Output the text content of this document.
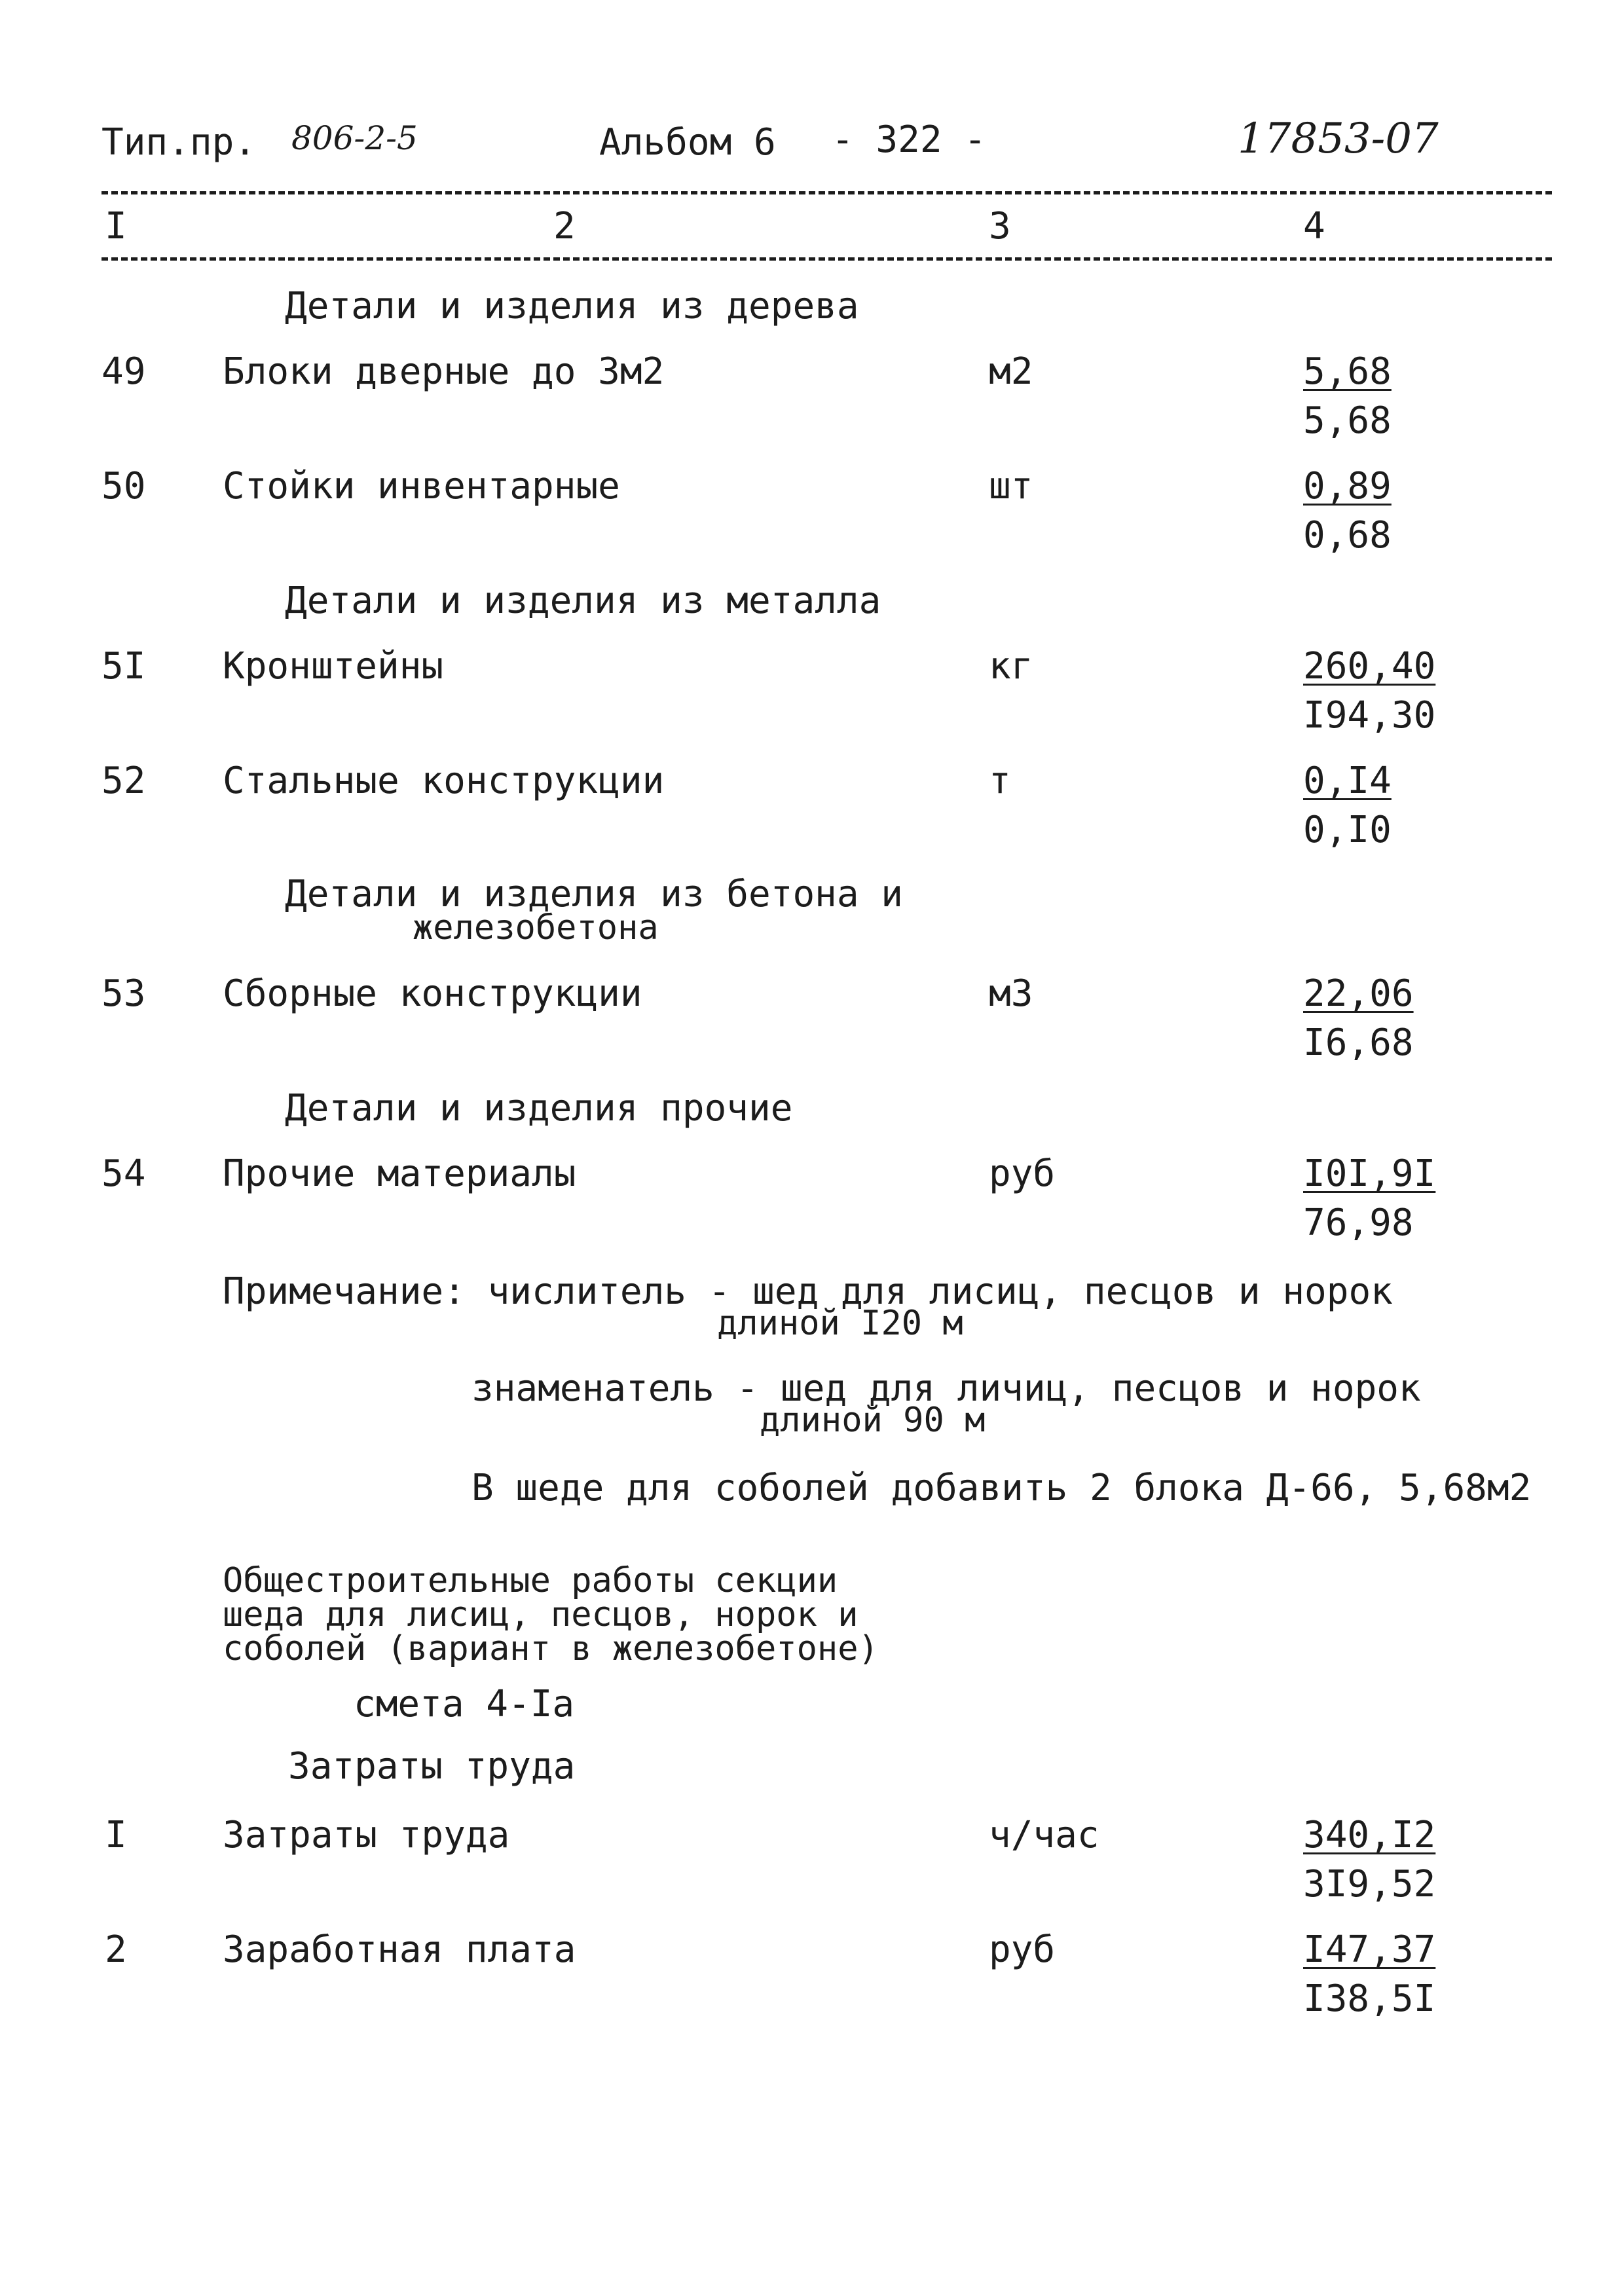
Тип.пр. 806-2-5	Альбом 6 - 322 -	17853-07
I	2	3	4
Детали и изделия из дерева
49 Блоки дверные до 3м2	м2	5,68
5,68
50 Стойки инвентарные	шт	0,89
0,68
Детали и изделия из металла
5I Кронштейны	кг	260,40
I94,30
52 Стальные конструкции	т	0,I4
0,I0
Детали и изделия из бетона и
железобетона
53 Сборные конструкции	м3	22,06
I6,68
Детали и изделия прочие
54 Прочие материалы	руб	I0I,9I
76,98
Примечание: числитель - шед для лисиц, песцов и норок
длиной I20 м
знаменатель - шед для личиц, песцов и норок
длиной 90 м
В шеде для соболей добавить 2 блока Д-66, 5,68м2
Общестроительные работы секции
шеда для лисиц, песцов, норок и
соболей (вариант в железобетоне)
смета 4-Iа
Затраты труда
I	Затраты труда	ч/час	340,I2
3I9,52
2	Заработная плата	руб	I47,37
I38,5I
